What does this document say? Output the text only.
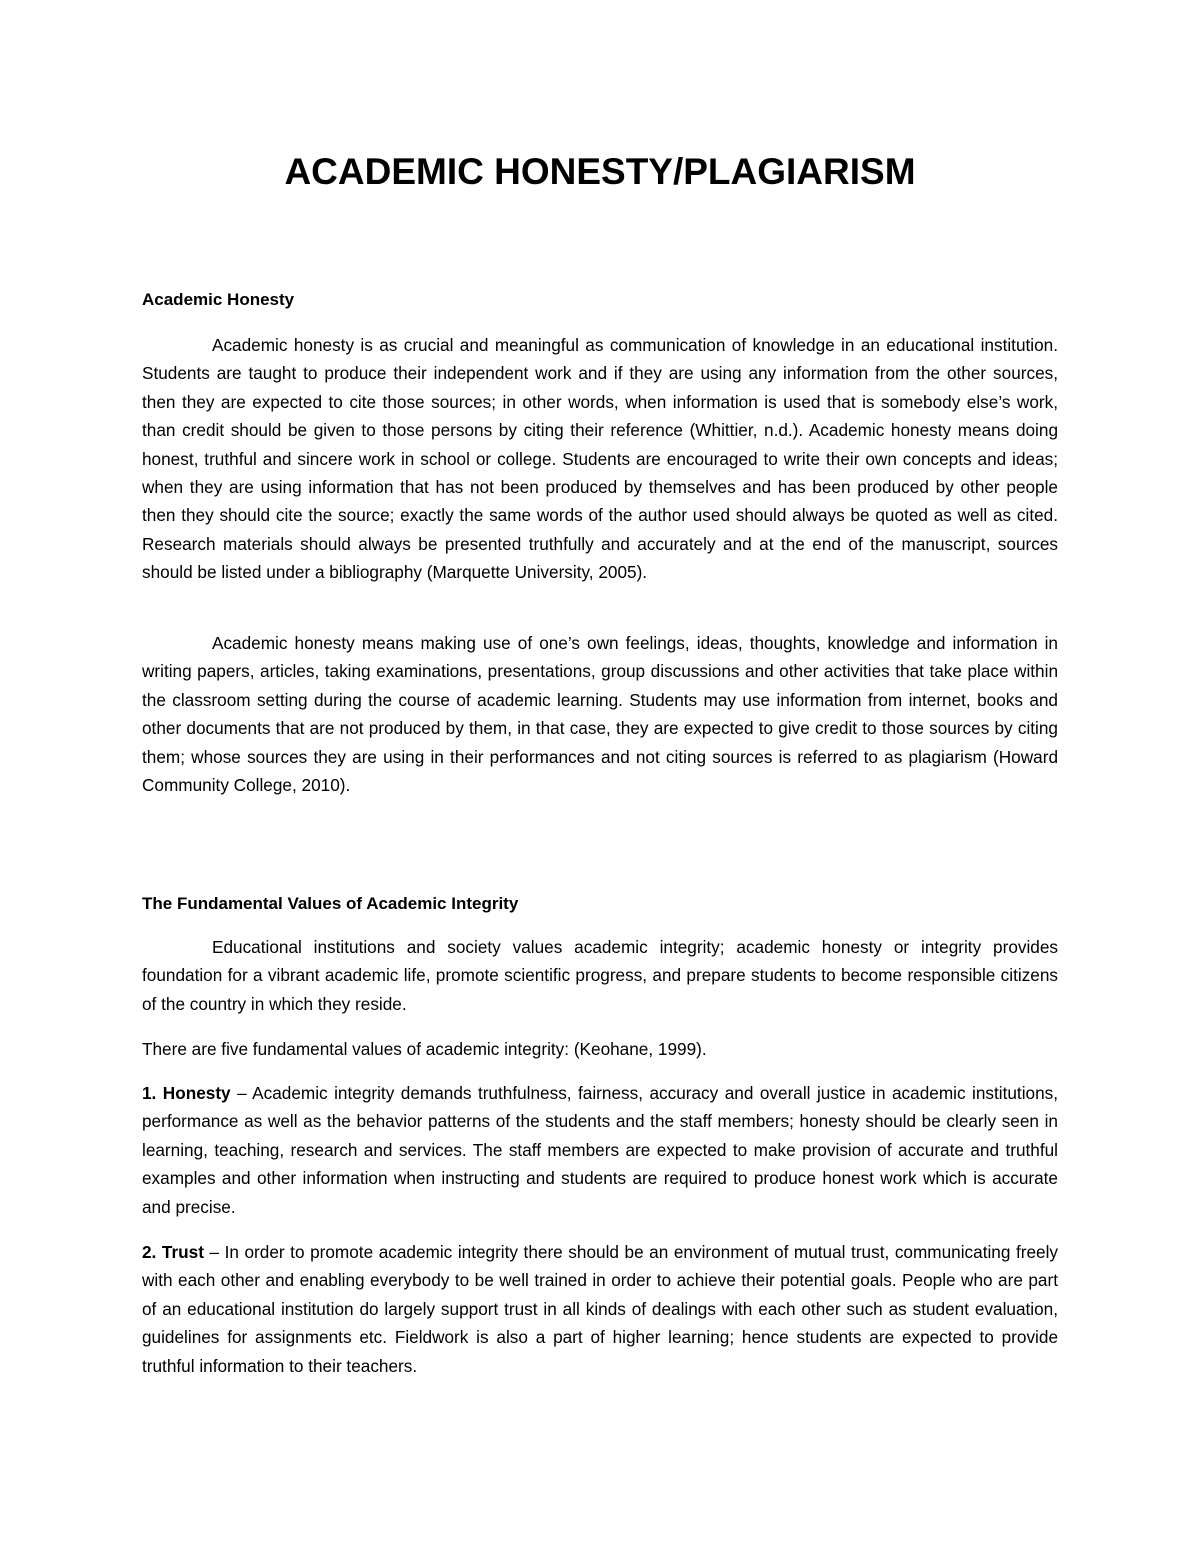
ACADEMIC HONESTY/PLAGIARISM
Academic Honesty

Academic honesty is as crucial and meaningful as communication of knowledge in an educational institution. Students are taught to produce their independent work and if they are using any information from the other sources, then they are expected to cite those sources; in other words, when information is used that is somebody else’s work, than credit should be given to those persons by citing their reference (Whittier, n.d.). Academic honesty means doing honest, truthful and sincere work in school or college. Students are encouraged to write their own concepts and ideas; when they are using information that has not been produced by themselves and has been produced by other people then they should cite the source; exactly the same words of the author used should always be quoted as well as cited. Research materials should always be presented truthfully and accurately and at the end of the manuscript, sources should be listed under a bibliography (Marquette University, 2005).

Academic honesty means making use of one’s own feelings, ideas, thoughts, knowledge and information in writing papers, articles, taking examinations, presentations, group discussions and other activities that take place within the classroom setting during the course of academic learning. Students may use information from internet, books and other documents that are not produced by them, in that case, they are expected to give credit to those sources by citing them; whose sources they are using in their performances and not citing sources is referred to as plagiarism (Howard Community College, 2010).

The Fundamental Values of Academic Integrity

Educational institutions and society values academic integrity; academic honesty or integrity provides foundation for a vibrant academic life, promote scientific progress, and prepare students to become responsible citizens of the country in which they reside.

There are five fundamental values of academic integrity: (Keohane, 1999).

1. Honesty – Academic integrity demands truthfulness, fairness, accuracy and overall justice in academic institutions, performance as well as the behavior patterns of the students and the staff members; honesty should be clearly seen in learning, teaching, research and services. The staff members are expected to make provision of accurate and truthful examples and other information when instructing and students are required to produce honest work which is accurate and precise.

2. Trust – In order to promote academic integrity there should be an environment of mutual trust, communicating freely with each other and enabling everybody to be well trained in order to achieve their potential goals. People who are part of an educational institution do largely support trust in all kinds of dealings with each other such as student evaluation, guidelines for assignments etc. Fieldwork is also a part of higher learning; hence students are expected to provide truthful information to their teachers.
